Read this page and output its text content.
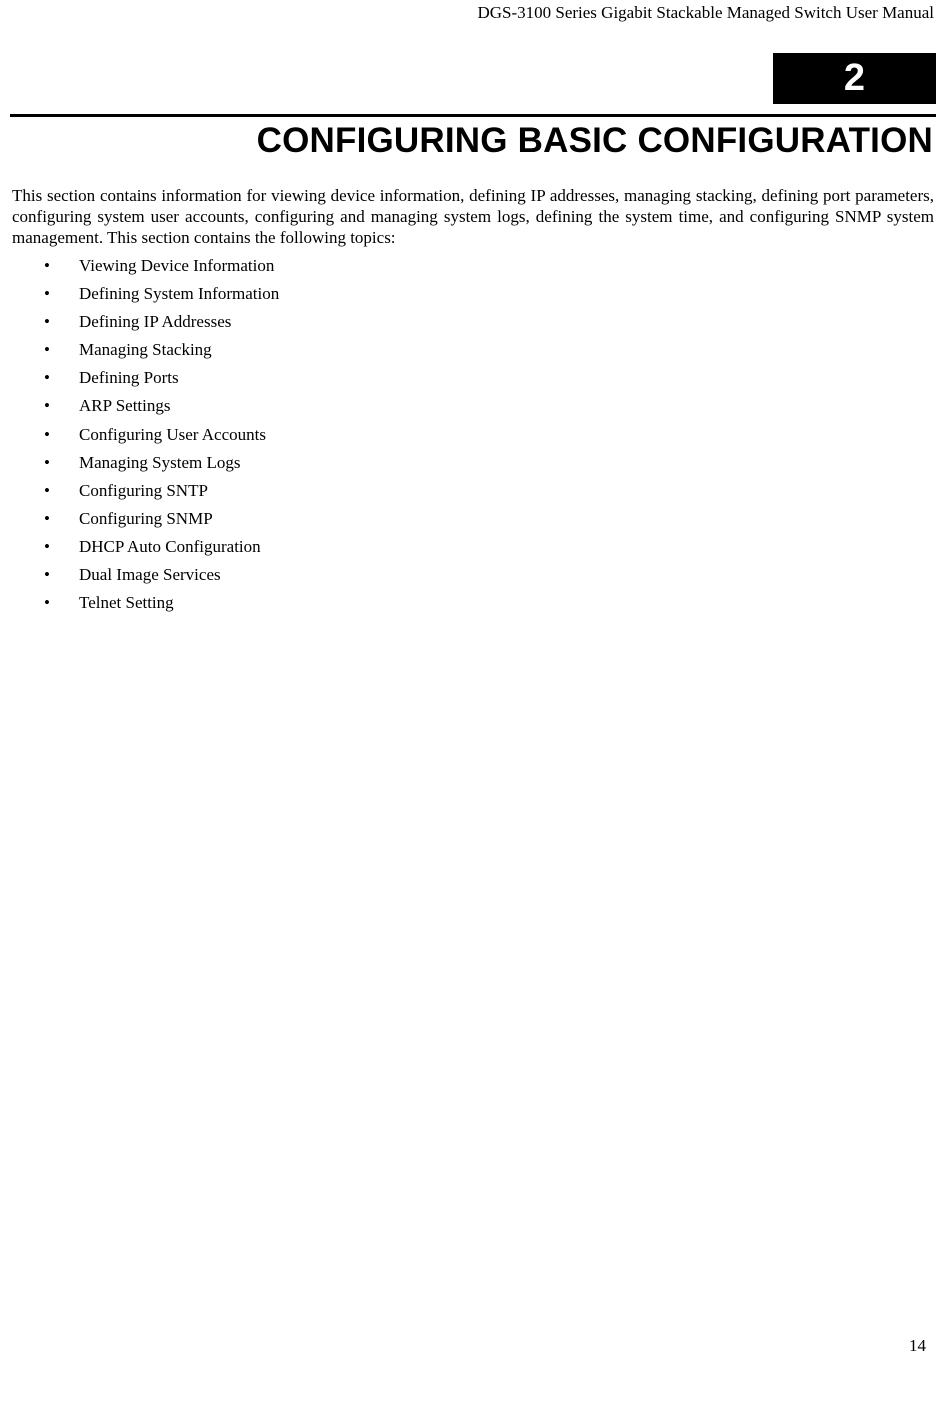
DGS-3100 Series Gigabit Stackable Managed Switch User Manual
2
CONFIGURING BASIC CONFIGURATION

This section contains information for viewing device information, defining IP addresses, managing stacking, defining port parameters, configuring system user accounts, configuring and managing system logs, defining the system time, and configuring SNMP system management. This section contains the following topics:

• Viewing Device Information
• Defining System Information
• Defining IP Addresses
• Managing Stacking
• Defining Ports
• ARP Settings
• Configuring User Accounts
• Managing System Logs
• Configuring SNTP
• Configuring SNMP
• DHCP Auto Configuration
• Dual Image Services
• Telnet Setting
14
